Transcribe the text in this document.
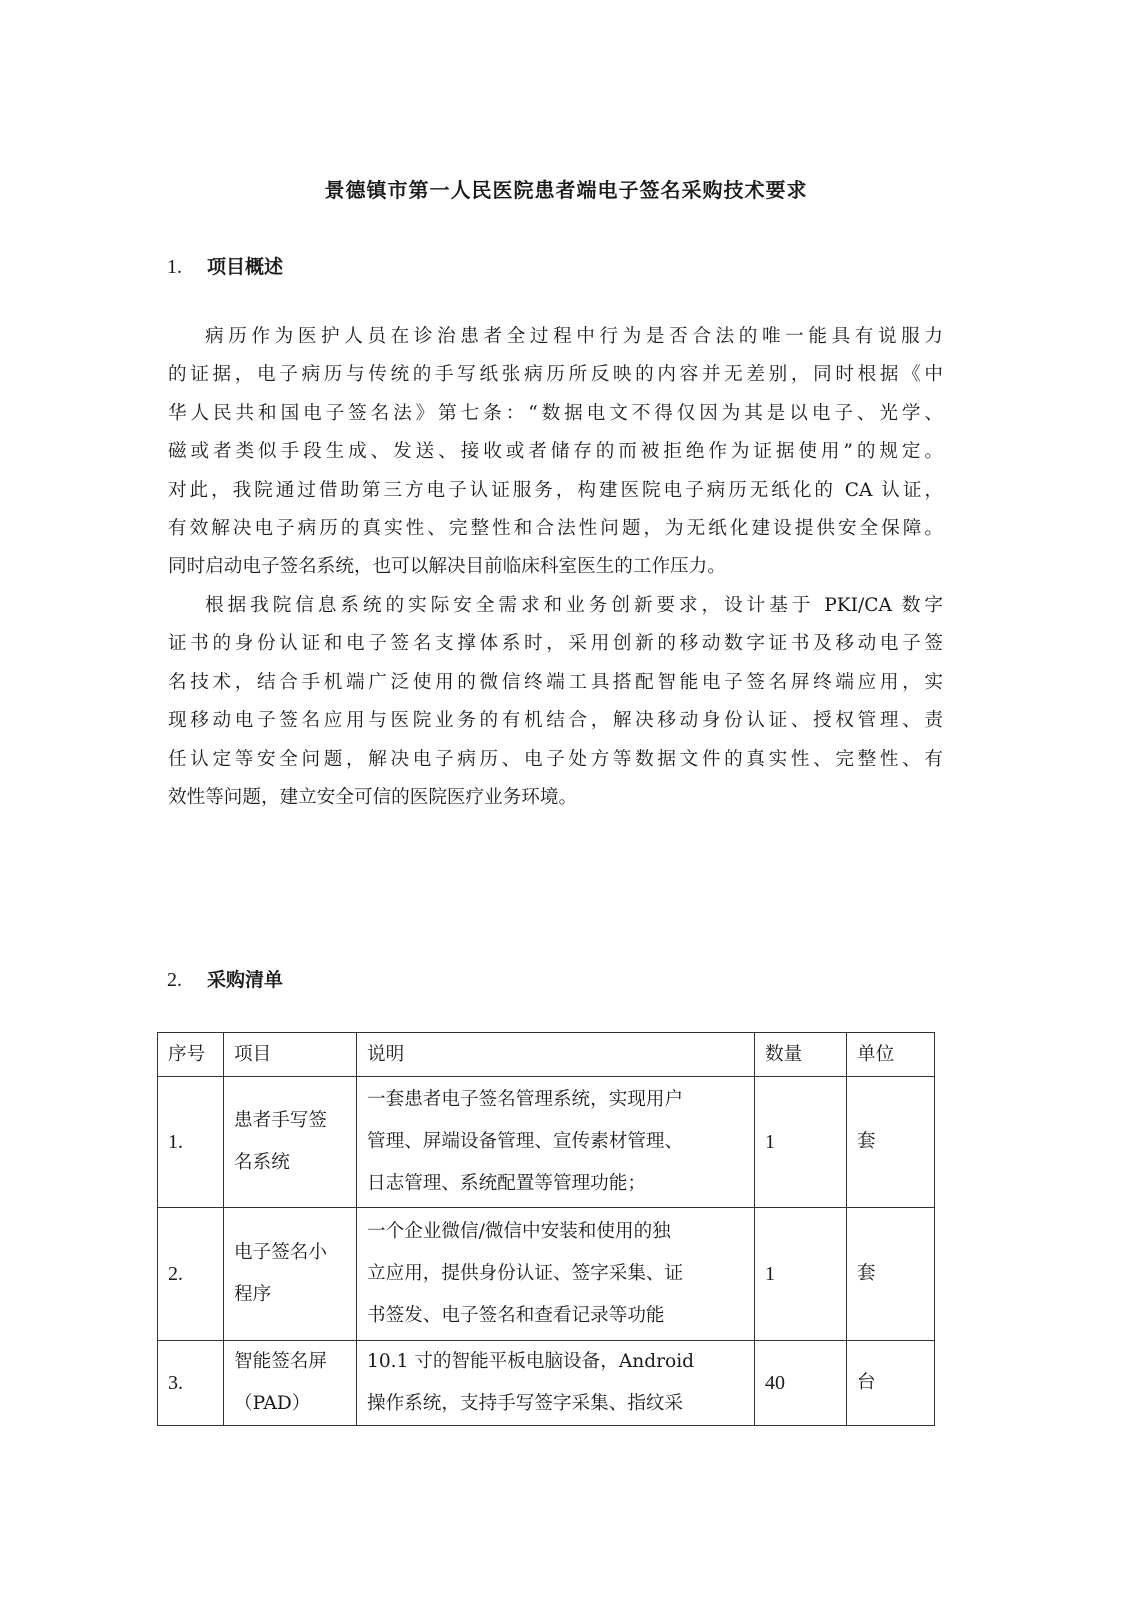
景德镇市第一人民医院患者端电子签名采购技术要求
1. 项目概述
病历作为医护人员在诊治患者全过程中行为是否合法的唯一能具有说服力
的证据，电子病历与传统的手写纸张病历所反映的内容并无差别，同时根据《中
华人民共和国电子签名法》第七条：“数据电文不得仅因为其是以电子、光学、
磁或者类似手段生成、发送、接收或者储存的而被拒绝作为证据使用”的规定。
对此，我院通过借助第三方电子认证服务，构建医院电子病历无纸化的 CA 认证，
有效解决电子病历的真实性、完整性和合法性问题，为无纸化建设提供安全保障。
同时启动电子签名系统，也可以解决目前临床科室医生的工作压力。
根据我院信息系统的实际安全需求和业务创新要求，设计基于 PKI/CA 数字
证书的身份认证和电子签名支撑体系时，采用创新的移动数字证书及移动电子签
名技术，结合手机端广泛使用的微信终端工具搭配智能电子签名屏终端应用，实
现移动电子签名应用与医院业务的有机结合，解决移动身份认证、授权管理、责
任认定等安全问题，解决电子病历、电子处方等数据文件的真实性、完整性、有
效性等问题，建立安全可信的医院医疗业务环境。
2. 采购清单
序号	项目	说明	数量	单位
1.	患者手写签
名系统	一套患者电子签名管理系统，实现用户
管理、屏端设备管理、宣传素材管理、
日志管理、系统配置等管理功能；	1	套
2.	电子签名小
程序	一个企业微信/微信中安装和使用的独
立应用，提供身份认证、签字采集、证
书签发、电子签名和查看记录等功能	1	套
3.	智能签名屏
（PAD）	10.1 寸的智能平板电脑设备，Android
操作系统，支持手写签字采集、指纹采	40	台
